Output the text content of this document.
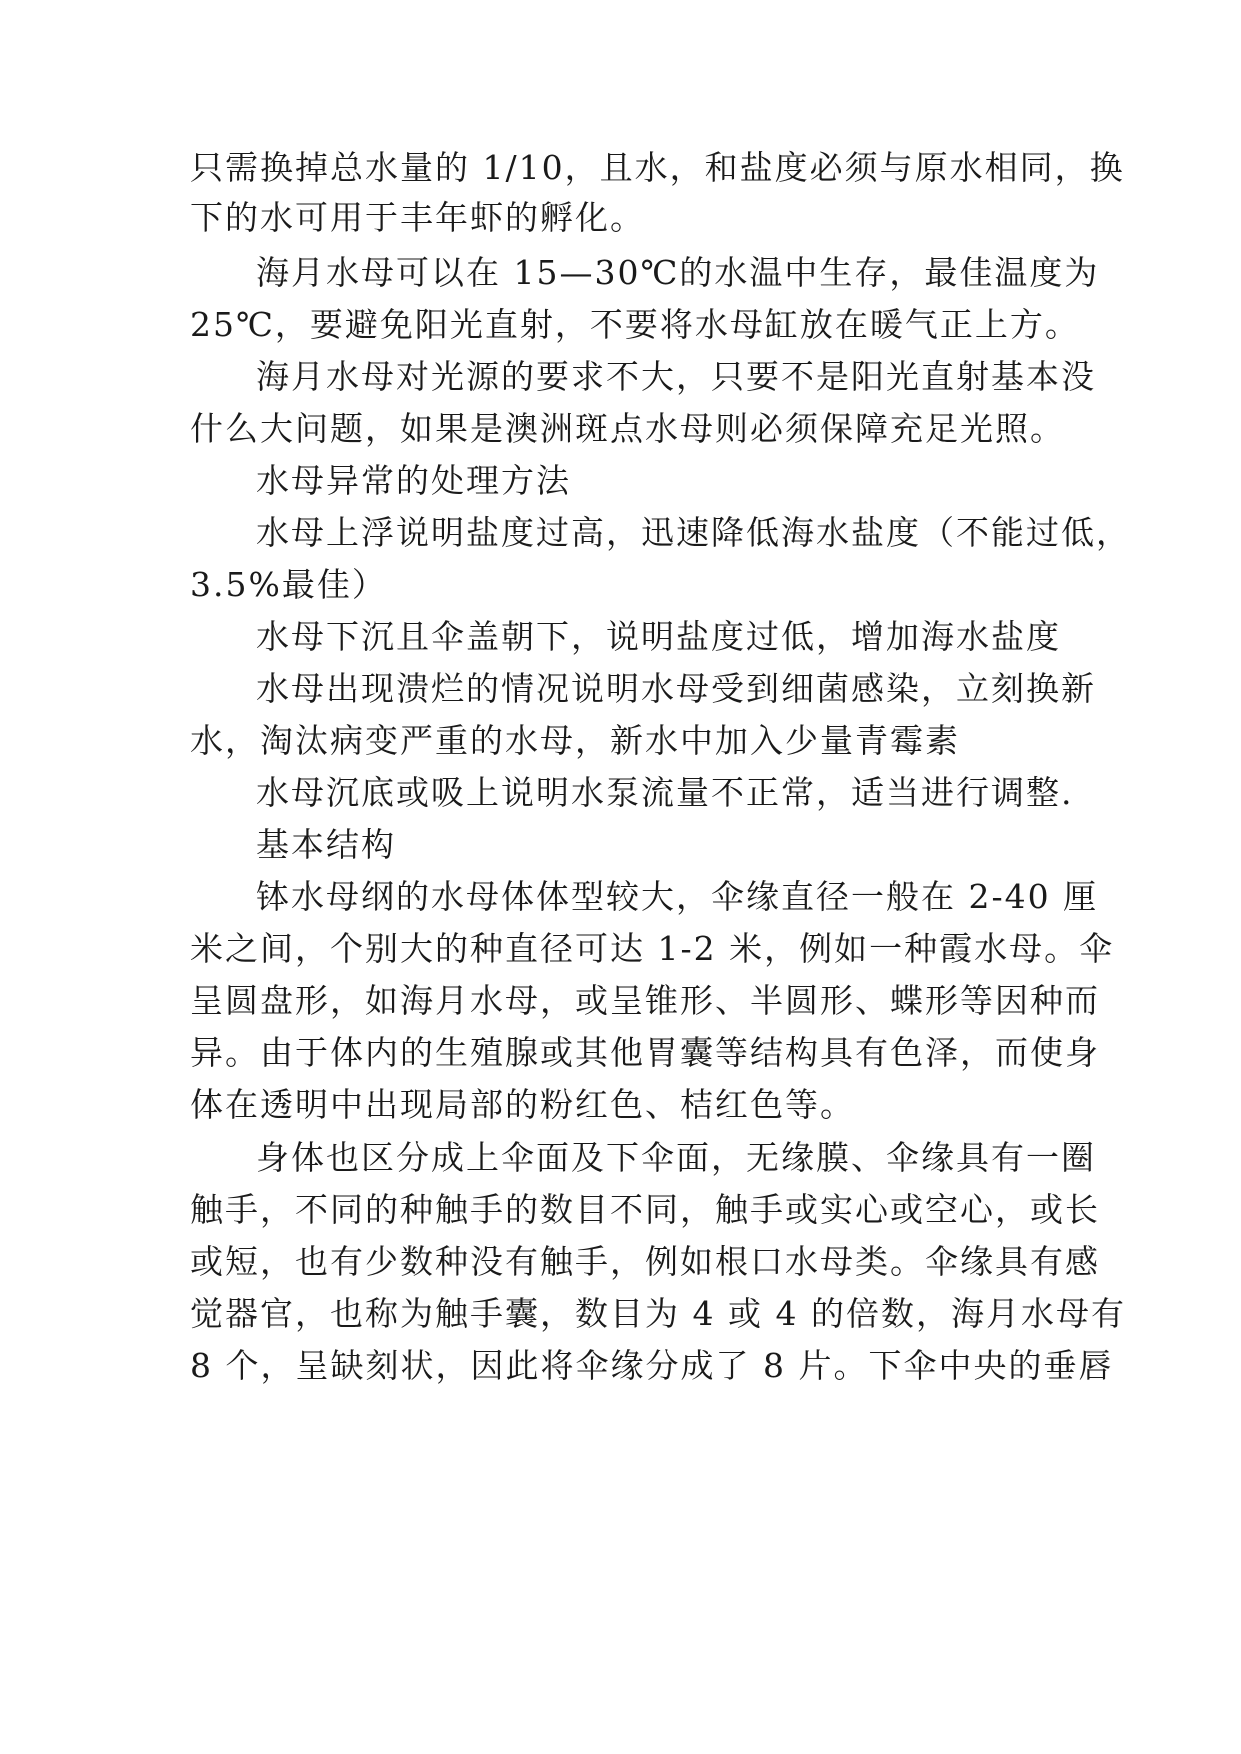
只需换掉总水量的 1/10，且水，和盐度必须与原水相同，换
下的水可用于丰年虾的孵化。
海月水母可以在 15—30℃的水温中生存，最佳温度为
25℃，要避免阳光直射，不要将水母缸放在暖气正上方。
海月水母对光源的要求不大，只要不是阳光直射基本没
什么大问题，如果是澳洲斑点水母则必须保障充足光照。
水母异常的处理方法
水母上浮说明盐度过高，迅速降低海水盐度（不能过低，
3.5%最佳）
水母下沉且伞盖朝下，说明盐度过低，增加海水盐度
水母出现溃烂的情况说明水母受到细菌感染，立刻换新
水，淘汰病变严重的水母，新水中加入少量青霉素
水母沉底或吸上说明水泵流量不正常，适当进行调整.
基本结构
钵水母纲的水母体体型较大，伞缘直径一般在 2-40 厘
米之间，个别大的种直径可达 1-2 米，例如一种霞水母。伞
呈圆盘形，如海月水母，或呈锥形、半圆形、蝶形等因种而
异。由于体内的生殖腺或其他胃囊等结构具有色泽，而使身
体在透明中出现局部的粉红色、桔红色等。
身体也区分成上伞面及下伞面，无缘膜、伞缘具有一圈
触手，不同的种触手的数目不同，触手或实心或空心，或长
或短，也有少数种没有触手，例如根口水母类。伞缘具有感
觉器官，也称为触手囊，数目为 4 或 4 的倍数，海月水母有
8 个，呈缺刻状，因此将伞缘分成了 8 片。下伞中央的垂唇
